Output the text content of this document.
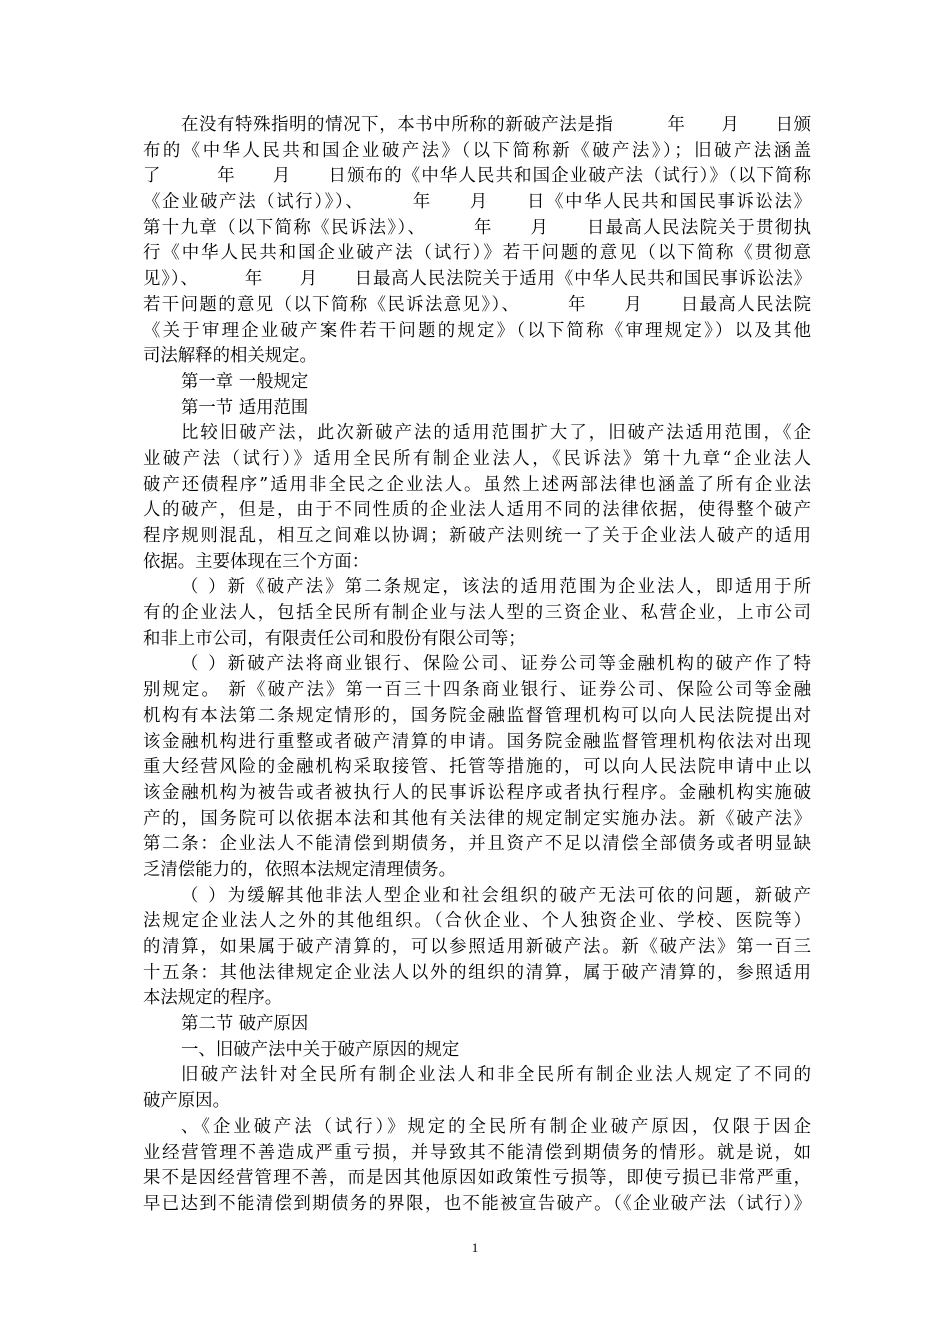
在没有特殊指明的情况下，本书中所称的新破产法是指　　　年　　月　　日颁
布的《中华人民共和国企业破产法》（以下简称新《破产法》）；旧破产法涵盖
了　　　年　　月　　日颁布的《中华人民共和国企业破产法（试行）》（以下简称
《企业破产法（试行）》）、　　　年　　月　　日《中华人民共和国民事诉讼法》
第十九章（以下简称《民诉法》）、　　　年　　月　　日最高人民法院关于贯彻执
行《中华人民共和国企业破产法（试行）》若干问题的意见（以下简称《贯彻意
见》）、　　　年　　月　　日最高人民法院关于适用《中华人民共和国民事诉讼法》
若干问题的意见（以下简称《民诉法意见》）、　　　年　　月　　日最高人民法院
《关于审理企业破产案件若干问题的规定》（以下简称《审理规定》）以及其他
司法解释的相关规定。
第一章 一般规定
第一节 适用范围
比较旧破产法，此次新破产法的适用范围扩大了，旧破产法适用范围，《企
业破产法（试行）》适用全民所有制企业法人，《民诉法》第十九章“企业法人
破产还债程序”适用非全民之企业法人。虽然上述两部法律也涵盖了所有企业法
人的破产，但是，由于不同性质的企业法人适用不同的法律依据，使得整个破产
程序规则混乱，相互之间难以协调；新破产法则统一了关于企业法人破产的适用
依据。主要体现在三个方面：
（ ）新《破产法》第二条规定，该法的适用范围为企业法人，即适用于所
有的企业法人，包括全民所有制企业与法人型的三资企业、私营企业，上市公司
和非上市公司，有限责任公司和股份有限公司等；
（ ）新破产法将商业银行、保险公司、证券公司等金融机构的破产作了特
别规定。 新《破产法》第一百三十四条商业银行、证券公司、保险公司等金融
机构有本法第二条规定情形的，国务院金融监督管理机构可以向人民法院提出对
该金融机构进行重整或者破产清算的申请。国务院金融监督管理机构依法对出现
重大经营风险的金融机构采取接管、托管等措施的，可以向人民法院申请中止以
该金融机构为被告或者被执行人的民事诉讼程序或者执行程序。金融机构实施破
产的，国务院可以依据本法和其他有关法律的规定制定实施办法。新《破产法》
第二条：企业法人不能清偿到期债务，并且资产不足以清偿全部债务或者明显缺
乏清偿能力的，依照本法规定清理债务。
（ ）为缓解其他非法人型企业和社会组织的破产无法可依的问题，新破产
法规定企业法人之外的其他组织。（合伙企业、个人独资企业、学校、医院等）
的清算，如果属于破产清算的，可以参照适用新破产法。新《破产法》第一百三
十五条：其他法律规定企业法人以外的组织的清算，属于破产清算的，参照适用
本法规定的程序。
第二节 破产原因
一、旧破产法中关于破产原因的规定
旧破产法针对全民所有制企业法人和非全民所有制企业法人规定了不同的
破产原因。
、《企业破产法（试行）》规定的全民所有制企业破产原因，仅限于因企
业经营管理不善造成严重亏损，并导致其不能清偿到期债务的情形。就是说，如
果不是因经营管理不善，而是因其他原因如政策性亏损等，即使亏损已非常严重，
早已达到不能清偿到期债务的界限，也不能被宣告破产。（《企业破产法（试行）》
1
